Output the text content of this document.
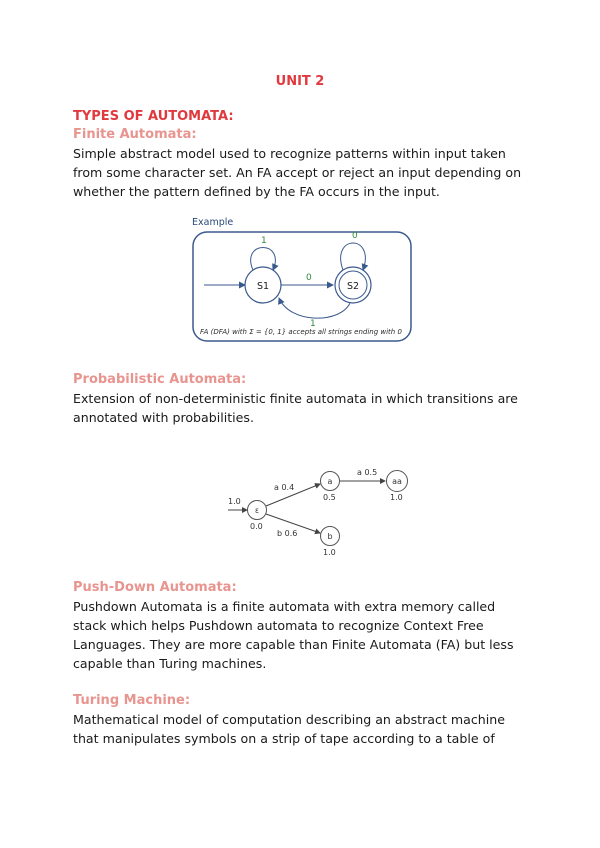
UNIT 2
TYPES OF AUTOMATA:
Finite Automata:
Simple abstract model used to recognize patterns within input taken
from some character set. An FA accept or reject an input depending on
whether the pattern defined by the FA occurs in the input.
Example
S1
1
S2
0
0
1
FA (DFA) with Σ = {0, 1} accepts all strings ending with 0
Probabilistic Automata:
Extension of non-deterministic finite automata in which transitions are
annotated with probabilities.
1.0
ε
0.0
a
0.5
aa
1.0
b
1.0
a 0.4
a 0.5
b 0.6
Push-Down Automata:
Pushdown Automata is a finite automata with extra memory called
stack which helps Pushdown automata to recognize Context Free
Languages. They are more capable than Finite Automata (FA) but less
capable than Turing machines.
Turing Machine:
Mathematical model of computation describing an abstract machine
that manipulates symbols on a strip of tape according to a table of
